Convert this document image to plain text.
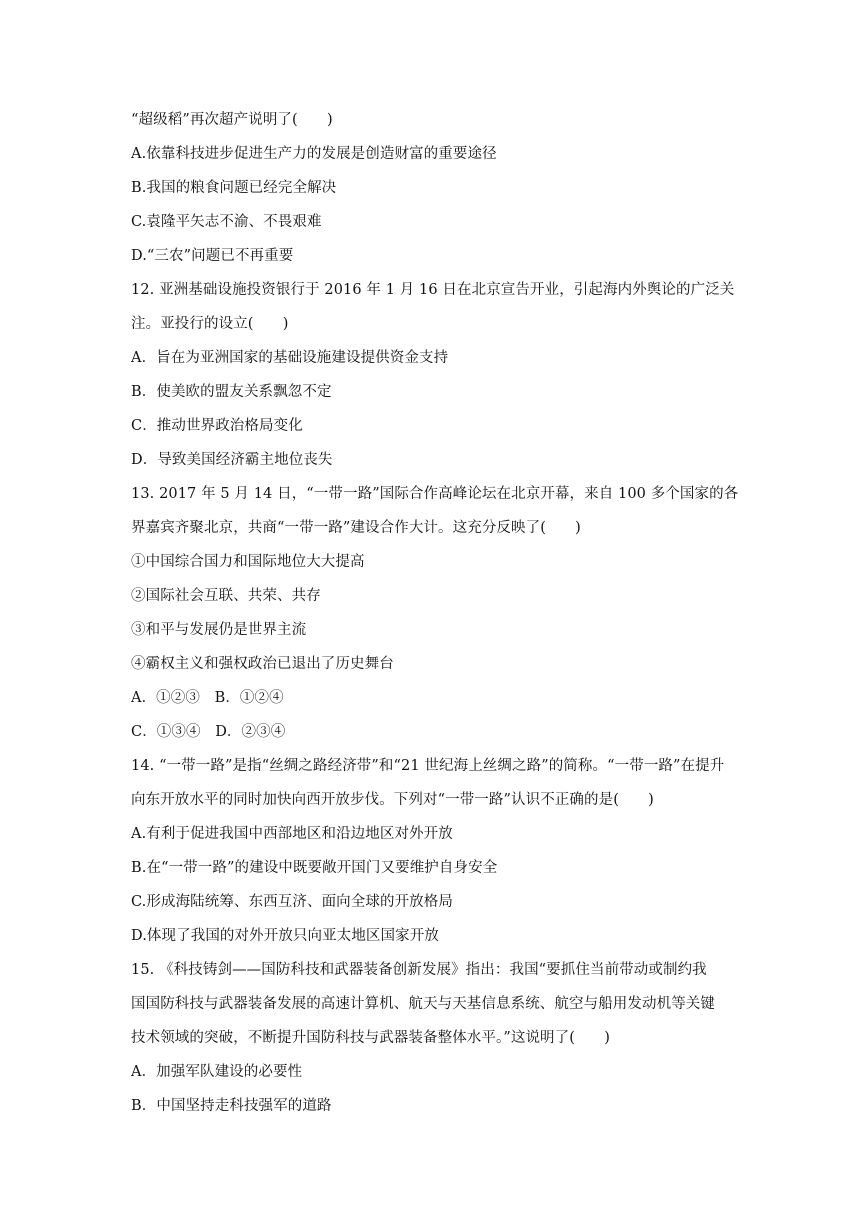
“超级稻”再次超产说明了(　　)
A.依靠科技进步促进生产力的发展是创造财富的重要途径
B.我国的粮食问题已经完全解决
C.袁隆平矢志不渝、不畏艰难
D.“三农”问题已不再重要
12. 亚洲基础设施投资银行于 2016 年 1 月 16 日在北京宣告开业，引起海内外舆论的广泛关
注。亚投行的设立(　　)
A．旨在为亚洲国家的基础设施建设提供资金支持
B．使美欧的盟友关系飘忽不定
C．推动世界政治格局变化
D．导致美国经济霸主地位丧失
13. 2017 年 5 月 14 日，“一带一路”国际合作高峰论坛在北京开幕，来自 100 多个国家的各
界嘉宾齐聚北京，共商“一带一路”建设合作大计。这充分反映了(　　)
①中国综合国力和国际地位大大提高
②国际社会互联、共荣、共存
③和平与发展仍是世界主流
④霸权主义和强权政治已退出了历史舞台
A．①②③　B．①②④
C．①③④　D．②③④
14. “一带一路”是指“丝绸之路经济带”和“21 世纪海上丝绸之路”的简称。“一带一路”在提升
向东开放水平的同时加快向西开放步伐。下列对“一带一路”认识不正确的是(　　)
A.有利于促进我国中西部地区和沿边地区对外开放
B.在“一带一路”的建设中既要敞开国门又要维护自身安全
C.形成海陆统筹、东西互济、面向全球的开放格局
D.体现了我国的对外开放只向亚太地区国家开放
15. 《科技铸剑——国防科技和武器装备创新发展》指出：我国“要抓住当前带动或制约我
国国防科技与武器装备发展的高速计算机、航天与天基信息系统、航空与船用发动机等关键
技术领域的突破，不断提升国防科技与武器装备整体水平。”这说明了(　　)
A．加强军队建设的必要性
B．中国坚持走科技强军的道路
